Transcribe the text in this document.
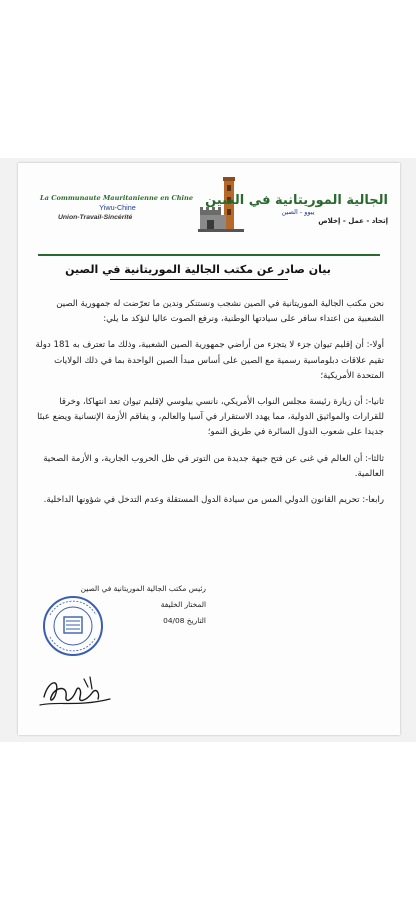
La Communaute Mauritanienne en Chine
Yiwu-Chine
Union-Travail-Sincérité
الجالية الموريتانية في الصين
ييوو - الصين
إتحاد - عمل - إخلاص
بيان صادر عن مكتب الجالية الموريتانية في الصين

نحن مكتب الجالية الموريتانية في الصين نشجب ونستنكر وندين ما تعرّضت له جمهورية الصين الشعبية من اعتداء سافر على سيادتها الوطنية، ونرفع الصوت عاليا لنؤكد ما يلي:

أولا-: أن إقليم تيوان جزء لا يتجزء من أراضي جمهورية الصين الشعبية، وذلك ما تعترف به 181 دولة تقيم علاقات دبلوماسية رسمية مع الصين على أساس مبدأ الصين الواحدة بما في ذلك الولايات المتحدة الأمريكية؛

ثانيا-: أن زيارة رئيسة مجلس النواب الأمريكي، نانسي بيلوسي لإقليم تيوان تعد انتهاكا، وخرقا للقرارات والمواثيق الدولية، مما يهدد الاستقرار في آسيا والعالم، و يفاقم الأزمة الإنسانية ويضع عبئا جديدا على شعوب الدول السائرة في طريق النمو؛

ثالثا-: أن العالم في غنى عن فتح جبهة جديدة من التوتر في ظل الحروب الجارية، و الأزمة الصحية العالمية.

رابعا-: تحريم القانون الدولي المس من سيادة الدول المستقلة وعدم التدخل في شؤونها الداخلية.

رئيس مكتب الجالية الموريتانية في الصين
المختار الخليفة
التاريخ 04/08
